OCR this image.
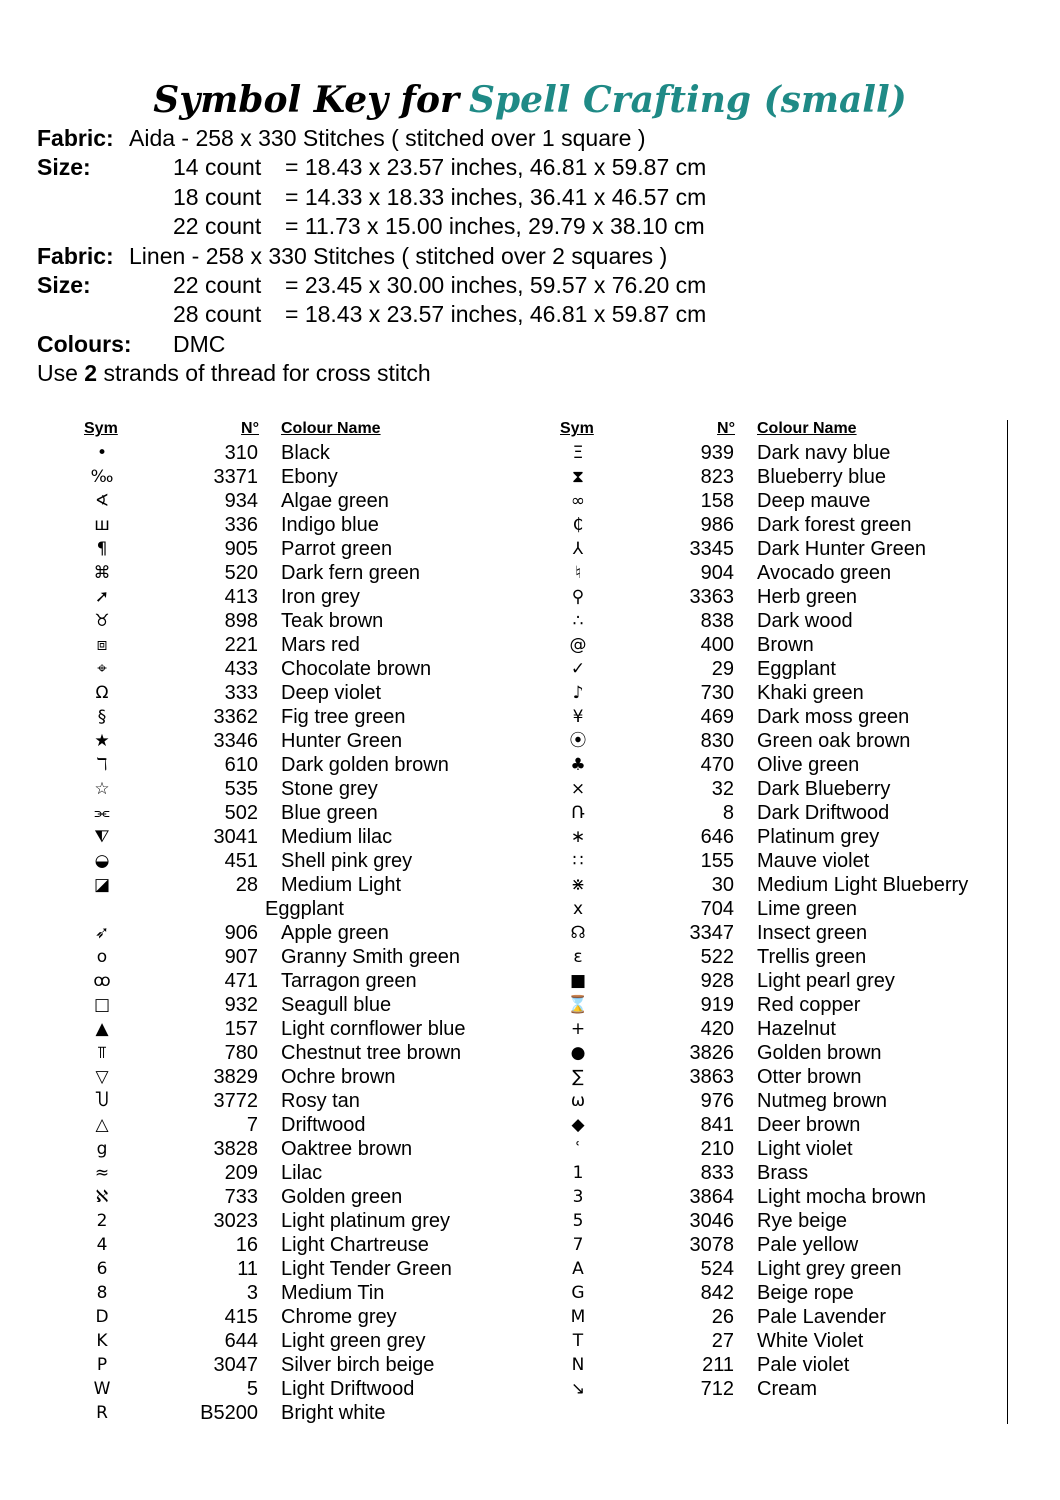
Symbol Key for Spell Crafting (small)
Fabric: Aida - 258 x 330 Stitches ( stitched over 1 square )
Size:	14 count = 18.43 x 23.57 inches, 46.81 x 59.87 cm
18 count = 14.33 x 18.33 inches, 36.41 x 46.57 cm
22 count = 11.73 x 15.00 inches, 29.79 x 38.10 cm
Fabric: Linen - 258 x 330 Stitches ( stitched over 2 squares )
Size:	22 count = 23.45 x 30.00 inches, 59.57 x 76.20 cm
28 count = 18.43 x 23.57 inches, 46.81 x 59.87 cm
Colours: DMC
Use 2 strands of thread for cross stitch
Sym	N° Colour Name
•	310 Black
‰	3371 Ebony
∢	934 Algae green
ш	336 Indigo blue
¶	905 Parrot green
⌘	520 Dark fern green
➚	413 Iron grey
♉	898 Teak brown
⧈	221 Mars red
⌖	433 Chocolate brown
Ω	333 Deep violet
§	3362 Fig tree green
★	3346 Hunter Green
ℸ	610 Dark golden brown
☆	535 Stone grey
⫘	502 Blue green
⧨	3041 Medium lilac
◒	451 Shell pink grey
◪	28 Medium Light
Eggplant
➶	906 Apple green
o	907 Granny Smith green
ꝏ	471 Tarragon green
□	932 Seagull blue
▲	157 Light cornflower blue
⫪	780 Chestnut tree brown
▽	3829 Ochre brown
Ⴎ	3772 Rosy tan
△	7 Driftwood
g	3828 Oaktree brown
≈	209 Lilac
ℵ	733 Golden green
2	3023 Light platinum grey
4	16 Light Chartreuse
6	11 Light Tender Green
8	3 Medium Tin
D	415 Chrome grey
K	644 Light green grey
P	3047 Silver birch beige
W	5 Light Driftwood
R	B5200 Bright white
Sym	N° Colour Name
Ξ	939 Dark navy blue
⧗	823 Blueberry blue
∞	158 Deep mauve
₵	986 Dark forest green
⅄	3345 Dark Hunter Green
♮	904 Avocado green
⚲	3363 Herb green
∴	838 Dark wood
@	400 Brown
✓	29 Eggplant
♪	730 Khaki green
¥	469 Dark moss green
⦿	830 Green oak brown
♣	470 Olive green
⨯	32 Dark Blueberry
Ռ	8 Dark Driftwood
∗	646 Platinum grey
∷	155 Mauve violet
⋇	30 Medium Light Blueberry
x	704 Lime green
☊	3347 Insect green
ε	522 Trellis green
■	928 Light pearl grey
⌛	919 Red copper
+	420 Hazelnut
●	3826 Golden brown
∑	3863 Otter brown
ω	976 Nutmeg brown
◆	841 Deer brown
ʿ	210 Light violet
1	833 Brass
3	3864 Light mocha brown
5	3046 Rye beige
7	3078 Pale yellow
A	524 Light grey green
G	842 Beige rope
M	26 Pale Lavender
T	27 White Violet
N	211 Pale violet
↘	712 Cream
